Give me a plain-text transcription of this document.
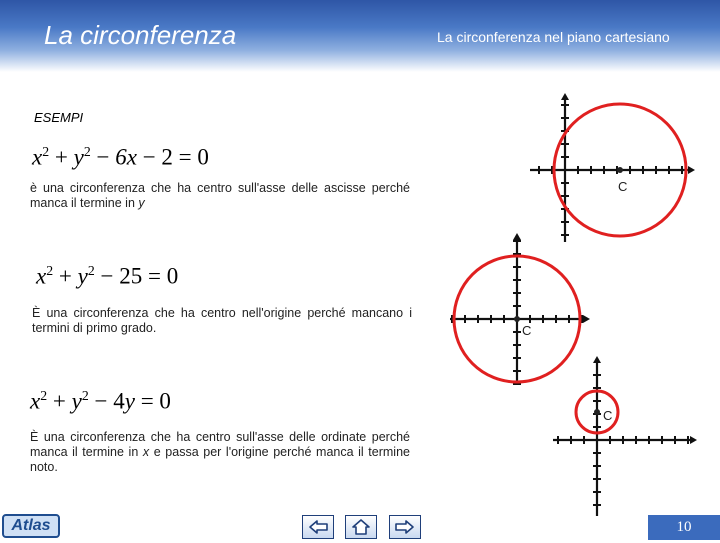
La circonferenza	La circonferenza nel piano cartesiano
ESEMPI
$x^2 + y^2 - 6x - 2 = 0$
è una circonferenza che ha centro sull'asse delle ascisse perché manca il termine in y
$x^2 + y^2 - 25 = 0$
È una circonferenza che ha centro nell'origine perché mancano i termini di primo grado.
$x^2 + y^2 - 4y = 0$
È una circonferenza che ha centro sull'asse delle ordinate perché manca il termine in x e passa per l'origine perché manca il termine noto.
C
C
C
Atlas	10
